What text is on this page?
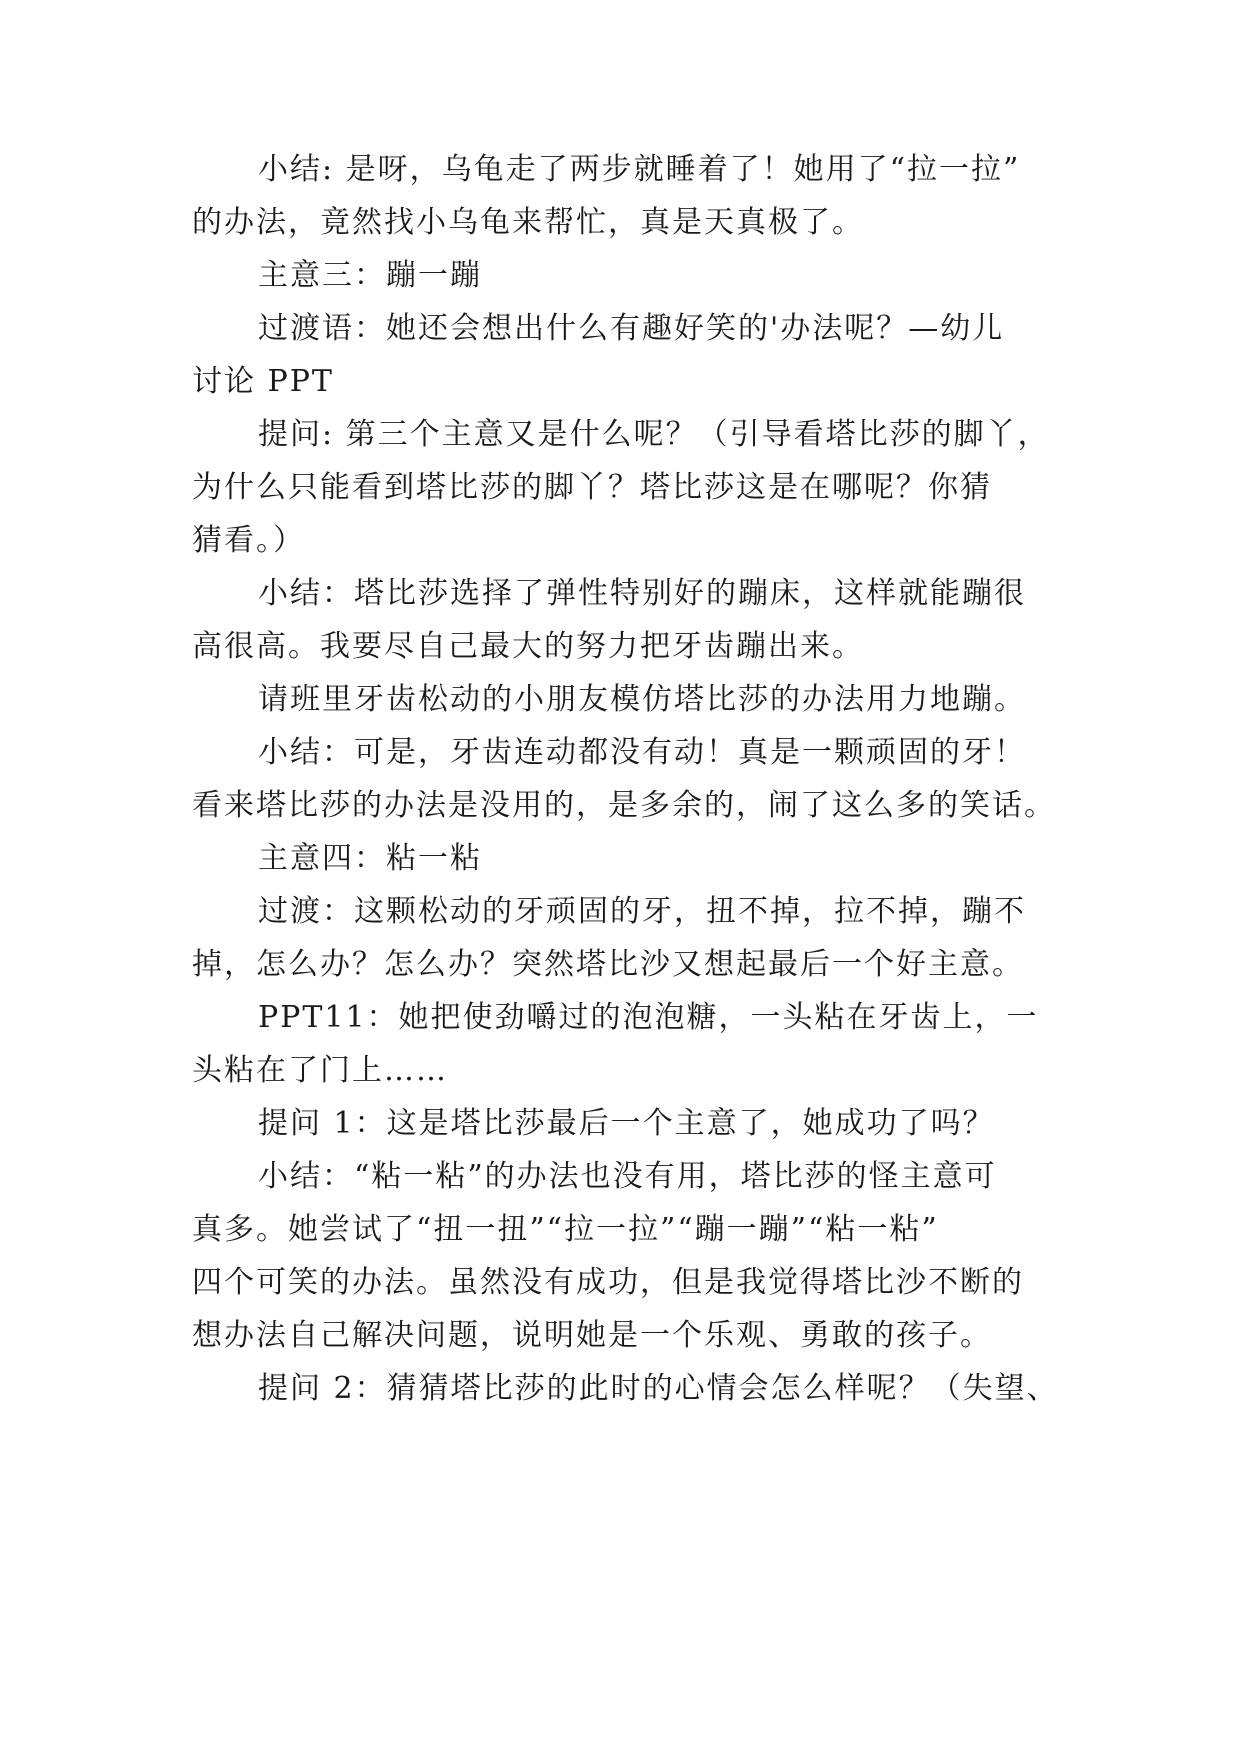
小结: 是呀，乌龟走了两步就睡着了！她用了“拉一拉”
的办法，竟然找小乌龟来帮忙，真是天真极了。
主意三：蹦一蹦
过渡语：她还会想出什么有趣好笑的'办法呢？—幼儿
讨论 PPT
提问: 第三个主意又是什么呢？（引导看塔比莎的脚丫，
为什么只能看到塔比莎的脚丫？塔比莎这是在哪呢？你猜
猜看。）
小结：塔比莎选择了弹性特别好的蹦床，这样就能蹦很
高很高。我要尽自己最大的努力把牙齿蹦出来。
请班里牙齿松动的小朋友模仿塔比莎的办法用力地蹦。
小结：可是，牙齿连动都没有动！真是一颗顽固的牙！
看来塔比莎的办法是没用的，是多余的，闹了这么多的笑话。
主意四：粘一粘
过渡：这颗松动的牙顽固的牙，扭不掉，拉不掉，蹦不
掉，怎么办？怎么办？突然塔比沙又想起最后一个好主意。
PPT11：她把使劲嚼过的泡泡糖，一头粘在牙齿上，一
头粘在了门上……
提问 1：这是塔比莎最后一个主意了，她成功了吗？
小结：“粘一粘”的办法也没有用，塔比莎的怪主意可
真多。她尝试了“扭一扭”“拉一拉”“蹦一蹦”“粘一粘”
四个可笑的办法。虽然没有成功，但是我觉得塔比沙不断的
想办法自己解决问题，说明她是一个乐观、勇敢的孩子。
提问 2：猜猜塔比莎的此时的心情会怎么样呢？（失望、
